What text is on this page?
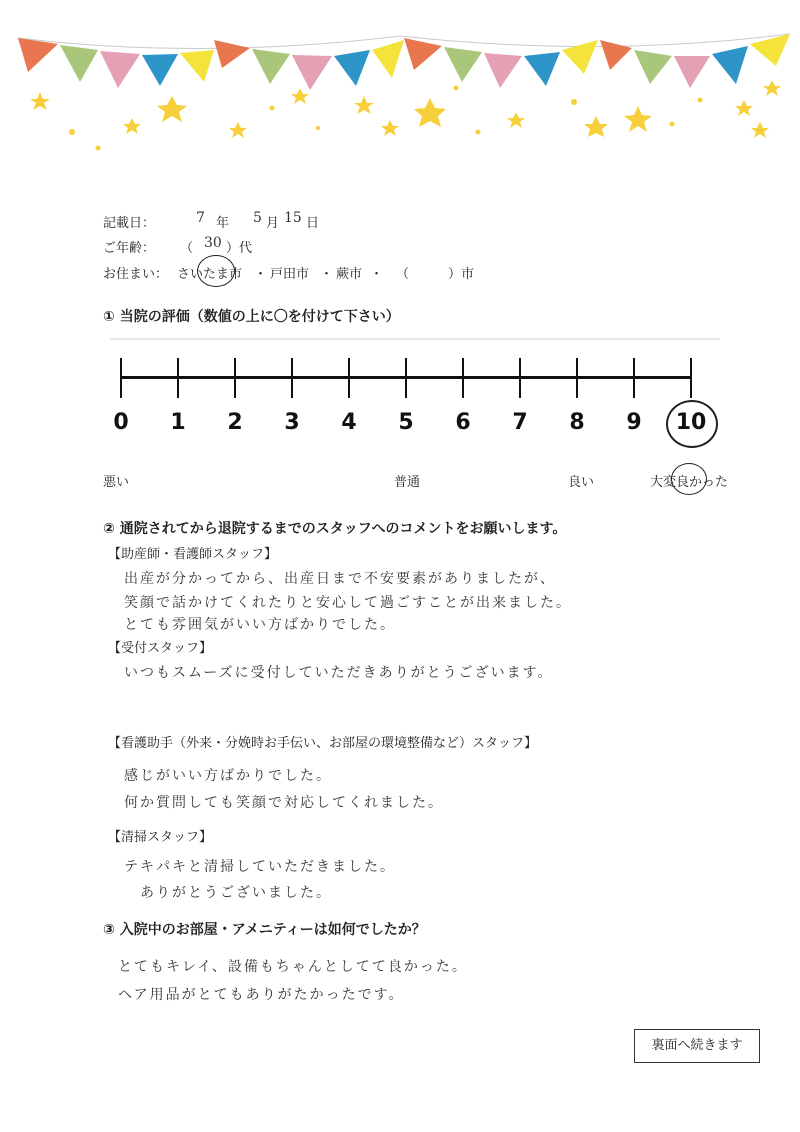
記載日：	7 年 5 月 15 日
ご年齢： （ 30 ）代
お住まい： さいたま市 ・ 戸田市 ・ 蕨市 ・ （　　　）市
① 当院の評価（数値の上に〇を付けて下さい）
0	1	2	3	4	5	6	7	8	9	10
悪い	普通	良い	大変良かった
② 通院されてから退院するまでのスタッフへのコメントをお願いします。
【助産師・看護師スタッフ】
出産が分かってから、出産日まで不安要素がありましたが、
笑顔で話かけてくれたりと安心して過ごすことが出来ました。
とても雰囲気がいい方ばかりでした。
【受付スタッフ】
いつもスムーズに受付していただきありがとうございます。
【看護助手（外来・分娩時お手伝い、お部屋の環境整備など）スタッフ】
感じがいい方ばかりでした。
何か質問しても笑顔で対応してくれました。
【清掃スタッフ】
テキパキと清掃していただきました。
ありがとうございました。
③ 入院中のお部屋・アメニティーは如何でしたか？
とてもキレイ、設備もちゃんとしてて良かった。
ヘア用品がとてもありがたかったです。
裏面へ続きます
